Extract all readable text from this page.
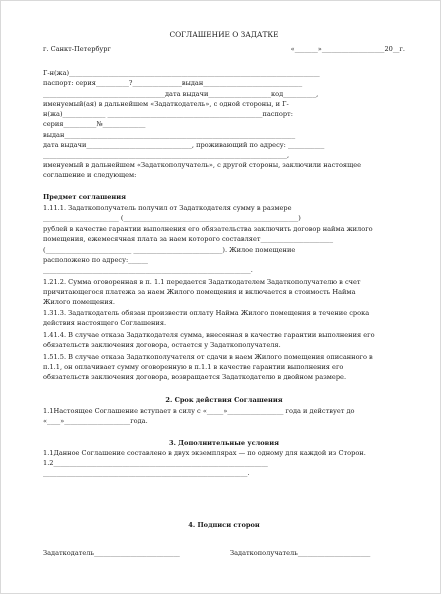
СОГЛАШЕНИЕ О ЗАДАТКЕ
г. Санкт-Петербург	«_______»___________________20__г.
Г-н(жа)____________________________________________________________________________
паспорт: серия__________?_______________выдан______________________________
_____________________________________дата выдачи___________________код__________,
именуемый(ая) в дальнейшем «Задаткодатель», с одной стороны, и Г-
н(жа)_____________ _______________________________________________паспорт:
серия__________№_____________
выдан______________________________________________________________________
дата выдачи________________________________, проживающий по адресу: ___________
__________________________________________________________________________,
именуемый в дальнейшем «Задаткополучатель», с другой стороны, заключили настоящее
соглашение и следующем:
Предмет соглашения
1.11.1. Задаткополучатель получил от Задаткодателя сумму в размере
_______________________ (_____________________________________________________)
рублей в качестве гарантии выполнения его обязательства заключить договор найма жилого
помещения, ежемесячная плата за наем которого составляет______________________
(__________________________ ___________________________). Жилое помещение
расположено по адресу:______
_______________________________________________________________.
1.21.2. Сумма оговоренная в п. 1.1 передается Задаткодателем Задаткополучателю в счет
причитающегося платежа за наем Жилого помещения и включается в стоимость Найма
Жилого помещения.
1.31.3. Задаткодатель обязан произвести оплату Найма Жилого помещения в течение срока
действия настоящего Соглашения.
1.41.4. В случае отказа Задаткодателя сумма, внесенная в качестве гарантии выполнения его
обязательств заключения договора, остается у Задаткополучателя.
1.51.5. В случае отказа Задаткополучателя от сдачи в наем Жилого помещения описанного в
п.1.1, он оплачивает сумму оговоренную в п.1.1 в качестве гарантии выполнения его
обязательств заключения договора, возвращается Задаткодателю в двойном размере.
2. Срок действия Соглашения
1.1Настоящее Соглашение вступает в силу с «_____»_________________ года и действует до
«____»____________________года.
3. Дополнительные условия
1.1Данное Соглашение составлено в двух экземплярах — по одному для каждой из Сторон.
1.2_________________________________________________________________
______________________________________________________________.
4. Подписи сторон
Задаткодатель__________________________	Задаткополучатель______________________
